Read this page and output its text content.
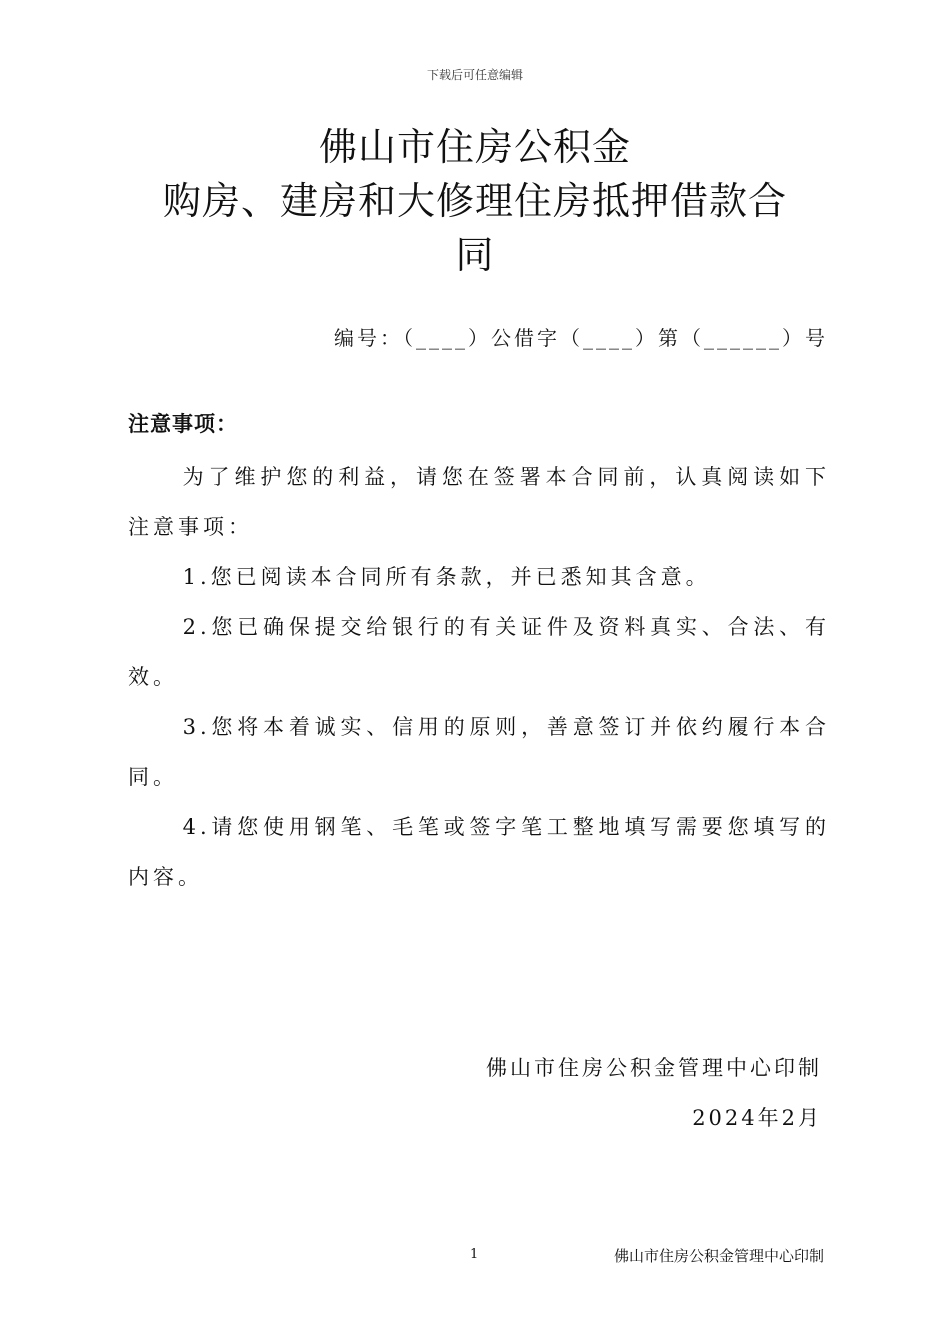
下载后可任意编辑
佛山市住房公积金
购房、建房和大修理住房抵押借款合
同
编号：（____）公借字（____）第（______）号
注意事项：

为了维护您的利益，请您在签署本合同前，认真阅读如下注意事项：

1.您已阅读本合同所有条款，并已悉知其含意。

2.您已确保提交给银行的有关证件及资料真实、合法、有效。

3.您将本着诚实、信用的原则，善意签订并依约履行本合同。

4.请您使用钢笔、毛笔或签字笔工整地填写需要您填写的内容。

佛山市住房公积金管理中心印制
2024年2月
1	佛山市住房公积金管理中心印制
